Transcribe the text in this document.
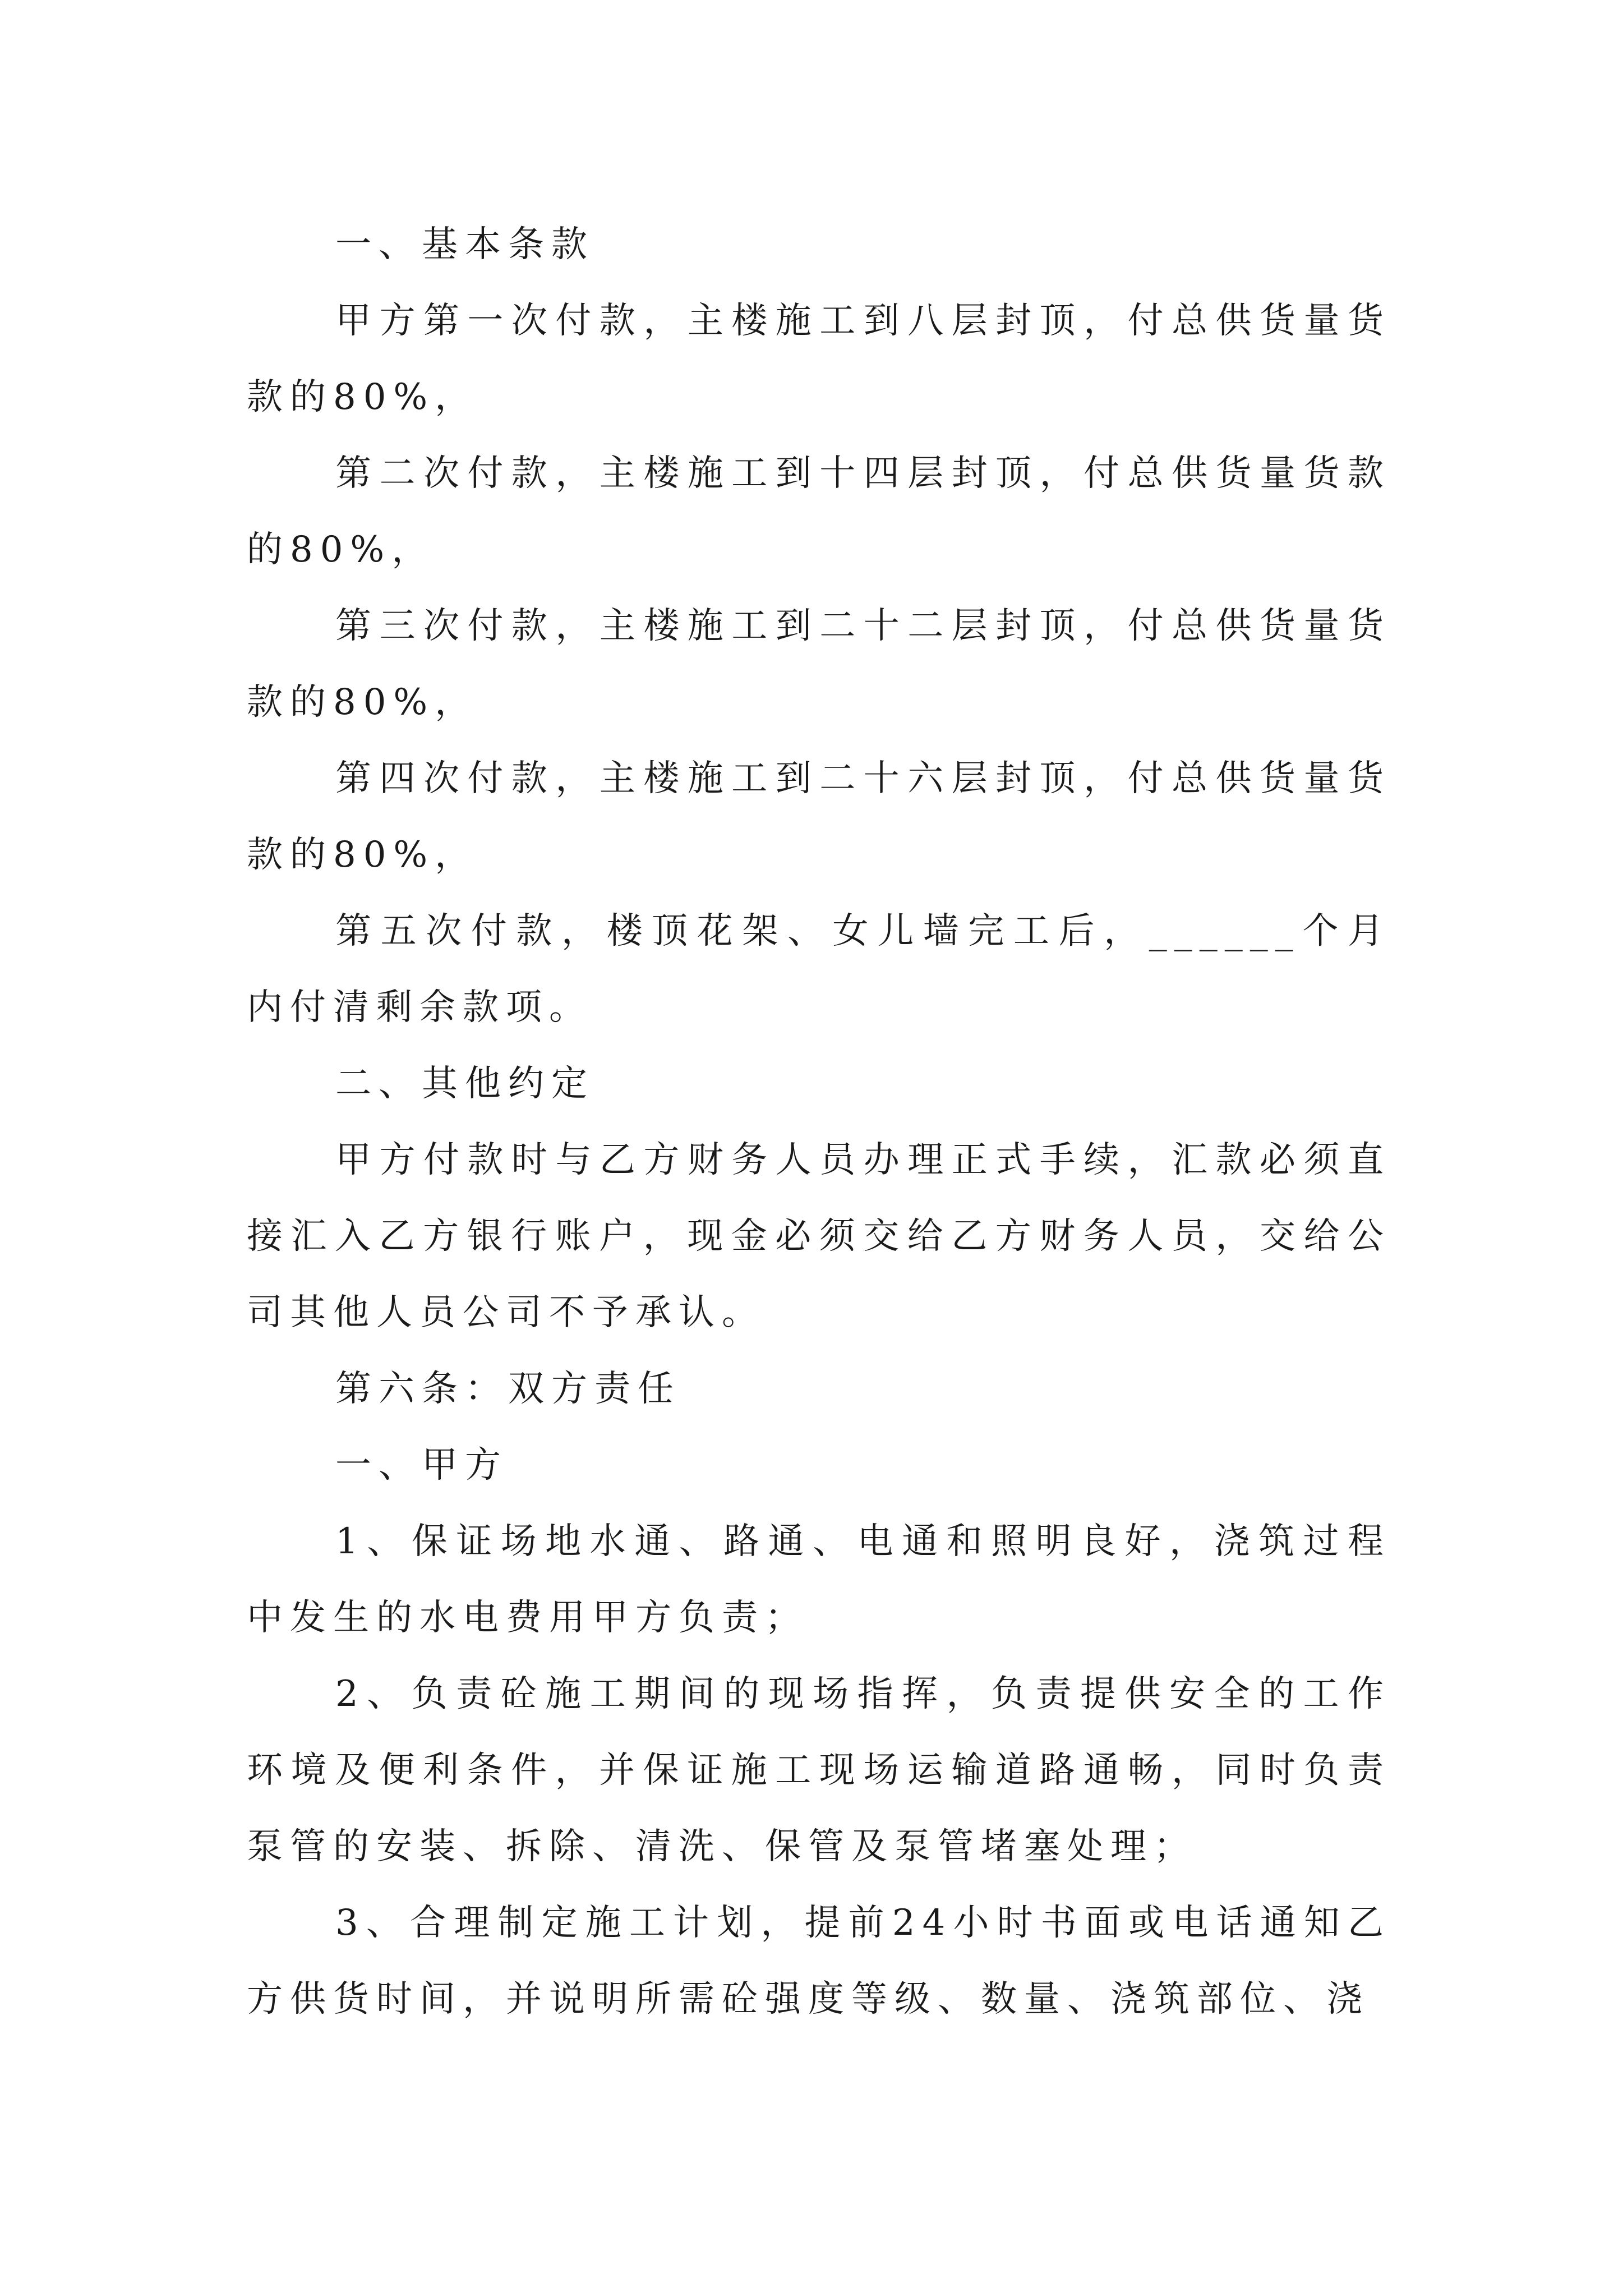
一、基本条款

甲方第一次付款，主楼施工到八层封顶，付总供货量货款的80%，

第二次付款，主楼施工到十四层封顶，付总供货量货款的80%，

第三次付款，主楼施工到二十二层封顶，付总供货量货款的80%，

第四次付款，主楼施工到二十六层封顶，付总供货量货款的80%，

第五次付款，楼顶花架、女儿墙完工后，______个月内付清剩余款项。

二、其他约定

甲方付款时与乙方财务人员办理正式手续，汇款必须直接汇入乙方银行账户，现金必须交给乙方财务人员，交给公司其他人员公司不予承认。

第六条：双方责任

一、甲方

1、保证场地水通、路通、电通和照明良好，浇筑过程中发生的水电费用甲方负责；

2、负责砼施工期间的现场指挥，负责提供安全的工作环境及便利条件，并保证施工现场运输道路通畅，同时负责泵管的安装、拆除、清洗、保管及泵管堵塞处理；

3、合理制定施工计划，提前24小时书面或电话通知乙方供货时间，并说明所需砼强度等级、数量、浇筑部位、浇
